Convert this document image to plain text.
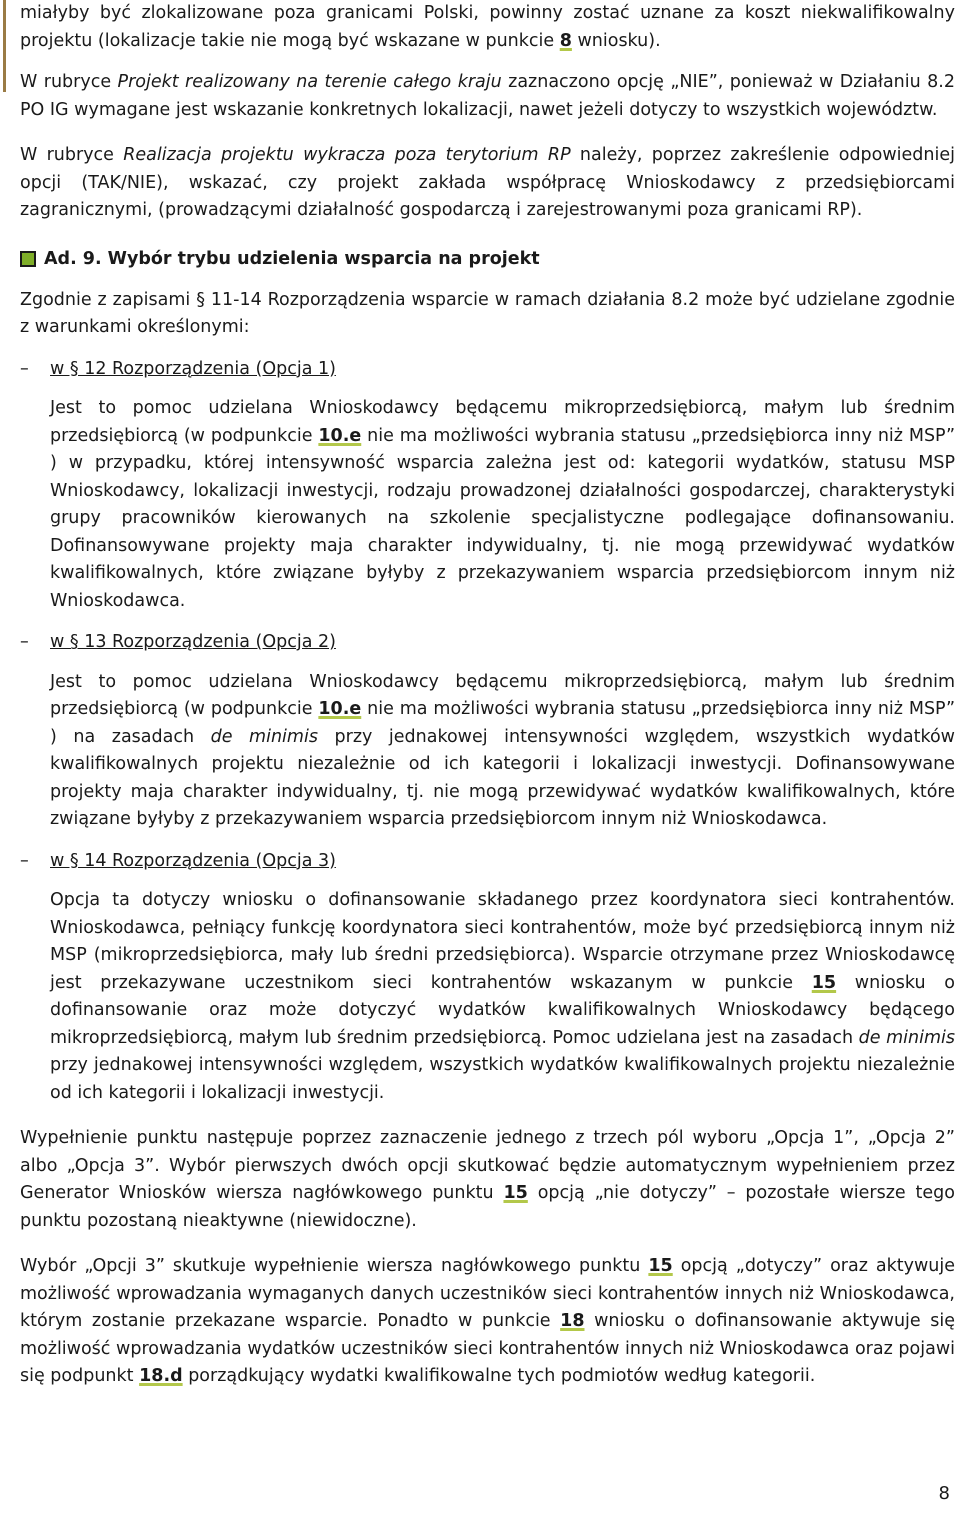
miałyby być zlokalizowane poza granicami Polski, powinny zostać uznane za koszt niekwalifikowalny projektu (lokalizacje takie nie mogą być wskazane w punkcie 8 wniosku).

W rubryce Projekt realizowany na terenie całego kraju zaznaczono opcję „NIE”, ponieważ w Działaniu 8.2 PO IG wymagane jest wskazanie konkretnych lokalizacji, nawet jeżeli dotyczy to wszystkich województw.

W rubryce Realizacja projektu wykracza poza terytorium RP należy, poprzez zakreślenie odpowiedniej opcji (TAK/NIE), wskazać, czy projekt zakłada współpracę Wnioskodawcy z przedsiębiorcami zagranicznymi, (prowadzącymi działalność gospodarczą i zarejestrowanymi poza granicami RP).

Ad. 9. Wybór trybu udzielenia wsparcia na projekt

Zgodnie z zapisami § 11-14 Rozporządzenia wsparcie w ramach działania 8.2 może być udzielane zgodnie z warunkami określonymi:

–	w § 12 Rozporządzenia (Opcja 1)

Jest to pomoc udzielana Wnioskodawcy będącemu mikroprzedsiębiorcą, małym lub średnim przedsiębiorcą (w podpunkcie 10.e nie ma możliwości wybrania statusu „przedsiębiorca inny niż MSP” ) w przypadku, której intensywność wsparcia zależna jest od: kategorii wydatków, statusu MSP Wnioskodawcy, lokalizacji inwestycji, rodzaju prowadzonej działalności gospodarczej, charakterystyki grupy pracowników kierowanych na szkolenie specjalistyczne podlegające dofinansowaniu. Dofinansowywane projekty maja charakter indywidualny, tj. nie mogą przewidywać wydatków kwalifikowalnych, które związane byłyby z przekazywaniem wsparcia przedsiębiorcom innym niż Wnioskodawca.

–	w § 13 Rozporządzenia (Opcja 2)

Jest to pomoc udzielana Wnioskodawcy będącemu mikroprzedsiębiorcą, małym lub średnim przedsiębiorcą (w podpunkcie 10.e nie ma możliwości wybrania statusu „przedsiębiorca inny niż MSP” ) na zasadach de minimis przy jednakowej intensywności względem, wszystkich wydatków kwalifikowalnych projektu niezależnie od ich kategorii i lokalizacji inwestycji. Dofinansowywane projekty maja charakter indywidualny, tj. nie mogą przewidywać wydatków kwalifikowalnych, które związane byłyby z przekazywaniem wsparcia przedsiębiorcom innym niż Wnioskodawca.

–	w § 14 Rozporządzenia (Opcja 3)

Opcja ta dotyczy wniosku o dofinansowanie składanego przez koordynatora sieci kontrahentów. Wnioskodawca, pełniący funkcję koordynatora sieci kontrahentów, może być przedsiębiorcą innym niż MSP (mikroprzedsiębiorca, mały lub średni przedsiębiorca). Wsparcie otrzymane przez Wnioskodawcę jest przekazywane uczestnikom sieci kontrahentów wskazanym w punkcie 15 wniosku o dofinansowanie oraz może dotyczyć wydatków kwalifikowalnych Wnioskodawcy będącego mikroprzedsiębiorcą, małym lub średnim przedsiębiorcą. Pomoc udzielana jest na zasadach de minimis przy jednakowej intensywności względem, wszystkich wydatków kwalifikowalnych projektu niezależnie od ich kategorii i lokalizacji inwestycji.

Wypełnienie punktu następuje poprzez zaznaczenie jednego z trzech pól wyboru „Opcja 1”, „Opcja 2” albo „Opcja 3”. Wybór pierwszych dwóch opcji skutkować będzie automatycznym wypełnieniem przez Generator Wniosków wiersza nagłówkowego punktu 15 opcją „nie dotyczy” – pozostałe wiersze tego punktu pozostaną nieaktywne (niewidoczne).

Wybór „Opcji 3” skutkuje wypełnienie wiersza nagłówkowego punktu 15 opcją „dotyczy” oraz aktywuje możliwość wprowadzania wymaganych danych uczestników sieci kontrahentów innych niż Wnioskodawca, którym zostanie przekazane wsparcie. Ponadto w punkcie 18 wniosku o dofinansowanie aktywuje się możliwość wprowadzania wydatków uczestników sieci kontrahentów innych niż Wnioskodawca oraz pojawi się podpunkt 18.d porządkujący wydatki kwalifikowalne tych podmiotów według kategorii.

8
